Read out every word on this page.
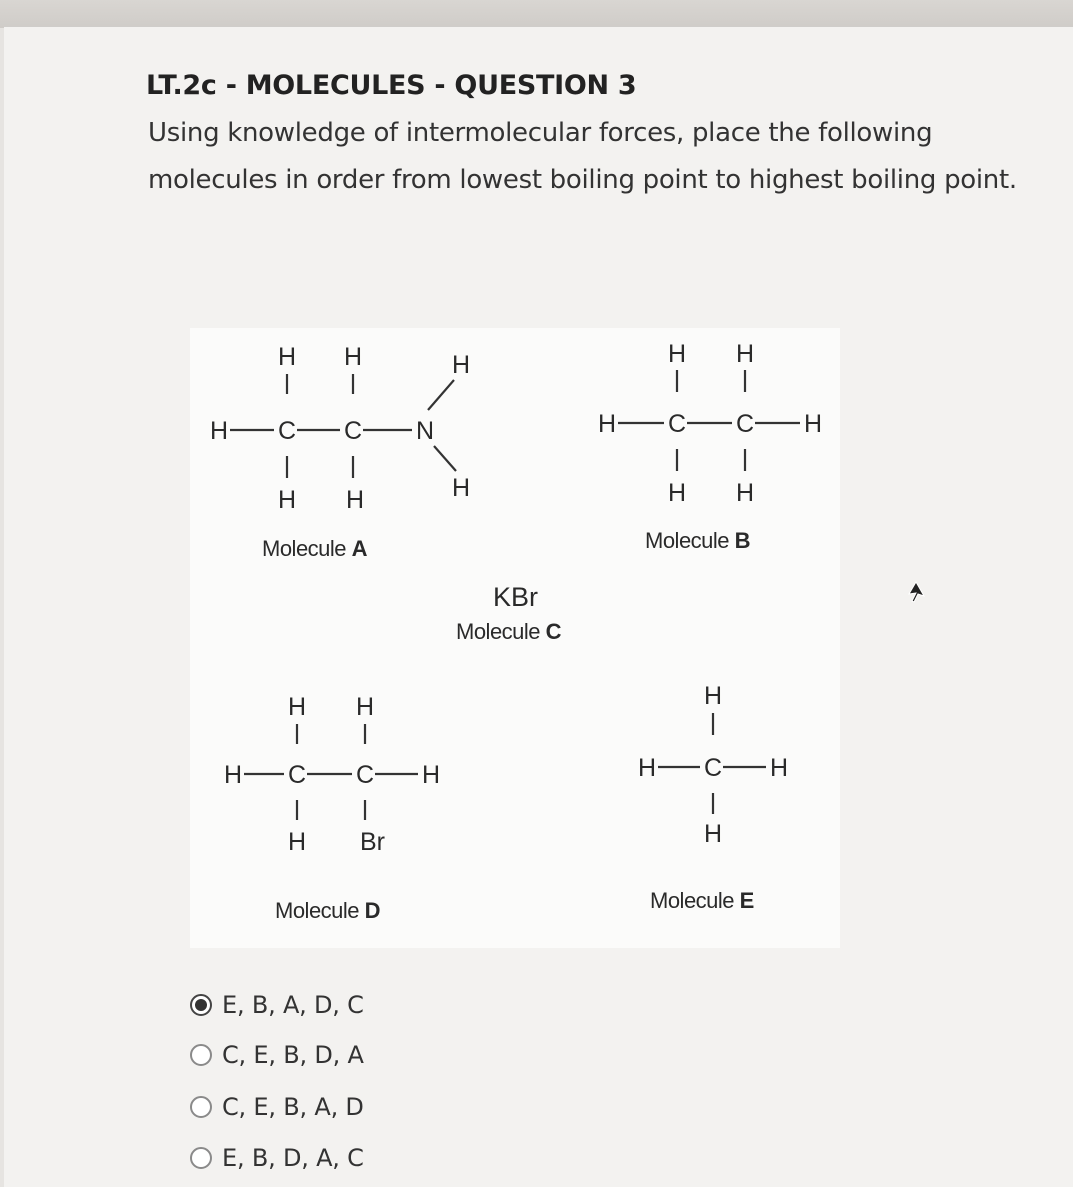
LT.2c - MOLECULES - QUESTION 3

Using knowledge of intermolecular forces, place the following molecules in order from lowest boiling point to highest boiling point.

H H	H
H C C N
H H	H
Molecule A
H H
H C C H
H H
Molecule B
KBr
Molecule C
H H
H C C H
H Br
Molecule D
H
H C H
H
Molecule E
E, B, A, D, C
C, E, B, D, A
C, E, B, A, D
E, B, D, A, C
